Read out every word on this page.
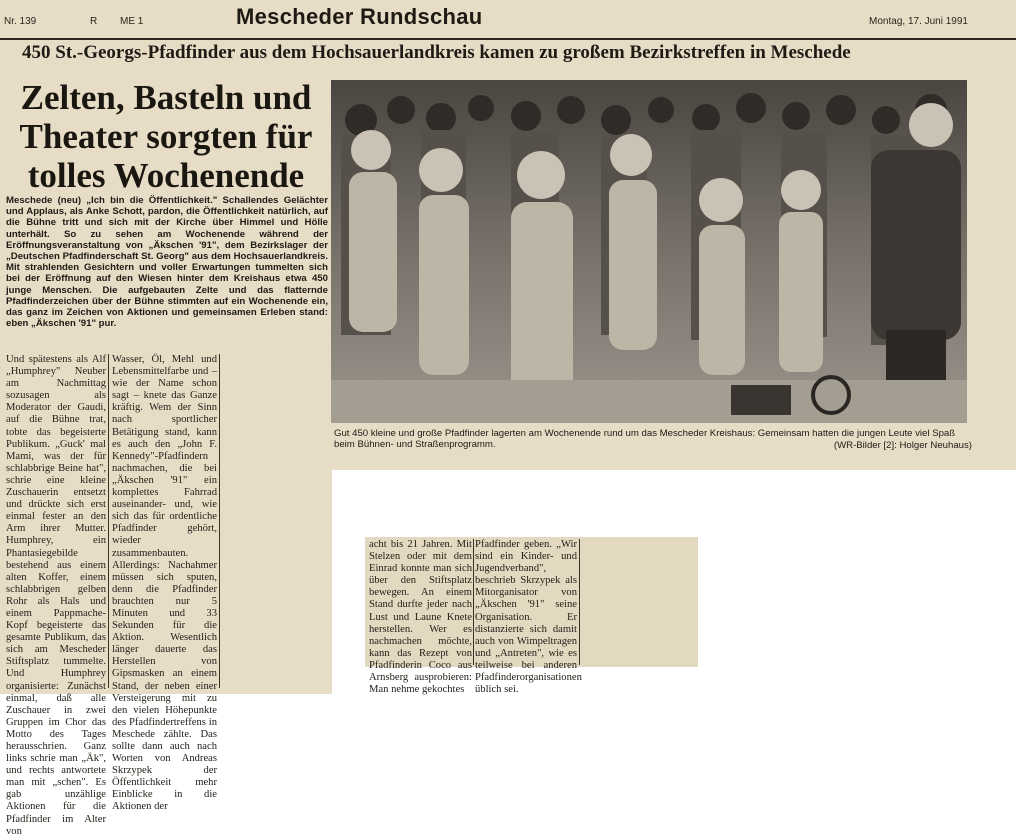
Nr. 139	R ME 1	Mescheder Rundschau	Montag, 17. Juni 1991
450 St.-Georgs-Pfadfinder aus dem Hochsauerlandkreis kamen zu großem Bezirkstreffen in Meschede
Zelten, Basteln und
Theater sorgten für
tolles Wochenende
Meschede (neu) „Ich bin die Öffentlichkeit." Schallendes Gelächter und Applaus, als Anke Schott, pardon, die Öffentlichkeit natürlich, auf die Bühne tritt und sich mit der Kirche über Himmel und Hölle unterhält. So zu sehen am Wochenende während der Eröffnungsveranstaltung von „Äkschen '91", dem Bezirkslager der „Deutschen Pfadfinderschaft St. Georg" aus dem Hochsauerlandkreis. Mit strahlenden Gesichtern und voller Erwartungen tummelten sich bei der Eröffnung auf den Wiesen hinter dem Kreishaus etwa 450 junge Menschen. Die aufgebauten Zelte und das flatternde Pfadfinderzeichen über der Bühne stimmten auf ein Wochenende ein, das ganz im Zeichen von Aktionen und gemeinsamen Erleben stand: eben „Äkschen '91" pur.
Und spätestens als Alf „Humphrey" Neuber am Nachmittag sozusagen als Moderator der Gaudi, auf die Bühne trat, tobte das begeisterte Publikum. „Guck' mal Mami, was der für schlabbrige Beine hat", schrie eine kleine Zuschauerin entsetzt und drückte sich erst einmal fester an den Arm ihrer Mutter. Humphrey, ein Phantasiegebilde bestehend aus einem alten Koffer, einem schlabbrigen gelben Rohr als Hals und einem Pappmache-Kopf begeisterte das gesamte Publikum, das sich am Mescheder Stiftsplatz tummelte. Und Humphrey organisierte: Zunächst einmal, daß alle Zuschauer in zwei Gruppen im Chor das Motto des Tages herausschrien. Ganz links schrie man „Äk", und rechts antwortete man mit „schen". Es gab unzählige Aktionen für die Pfadfinder im Alter von
Wasser, Öl, Mehl und Lebensmittelfarbe und – wie der Name schon sagt – knete das Ganze kräftig. Wem der Sinn nach sportlicher Betätigung stand, kann es auch den „John F. Kennedy"-Pfadfindern nachmachen, die bei „Äkschen '91" ein komplettes Fahrrad auseinander- und, wie sich das für ordentliche Pfadfinder gehört, wieder zusammenbauten. Allerdings: Nachahmer müssen sich sputen, denn die Pfadfinder brauchten nur 5 Minuten und 33 Sekunden für die Aktion. Wesentlich länger dauerte das Herstellen von Gipsmasken an einem Stand, der neben einer Versteigerung mit zu den vielen Höhepunkte des Pfadfindertreffens in Meschede zählte. Das sollte dann auch nach Worten von Andreas Skrzypek der Öffentlichkeit mehr Einblicke in die Aktionen der
Gut 450 kleine und große Pfadfinder lagerten am Wochenende rund um das Mescheder Kreishaus: Gemeinsam hatten die jungen Leute viel Spaß beim Bühnen- und Straßenprogramm.	(WR-Bilder [2]: Holger Neuhaus)
acht bis 21 Jahren. Mit Stelzen oder mit dem Einrad konnte man sich über den Stiftsplatz bewegen. An einem Stand durfte jeder nach Lust und Laune Knete herstellen. Wer es nachmachen möchte, kann das Rezept von Pfadfinderin Coco aus Arnsberg ausprobieren: Man nehme gekochtes
Pfadfinder geben. „Wir sind ein Kinder- und Jugendverband", beschrieb Skrzypek als Mitorganisator von „Äkschen '91" seine Organisation. Er distanzierte sich damit auch von Wimpeltragen und „Antreten", wie es teilweise bei anderen Pfadfinderorganisationen üblich sei.
